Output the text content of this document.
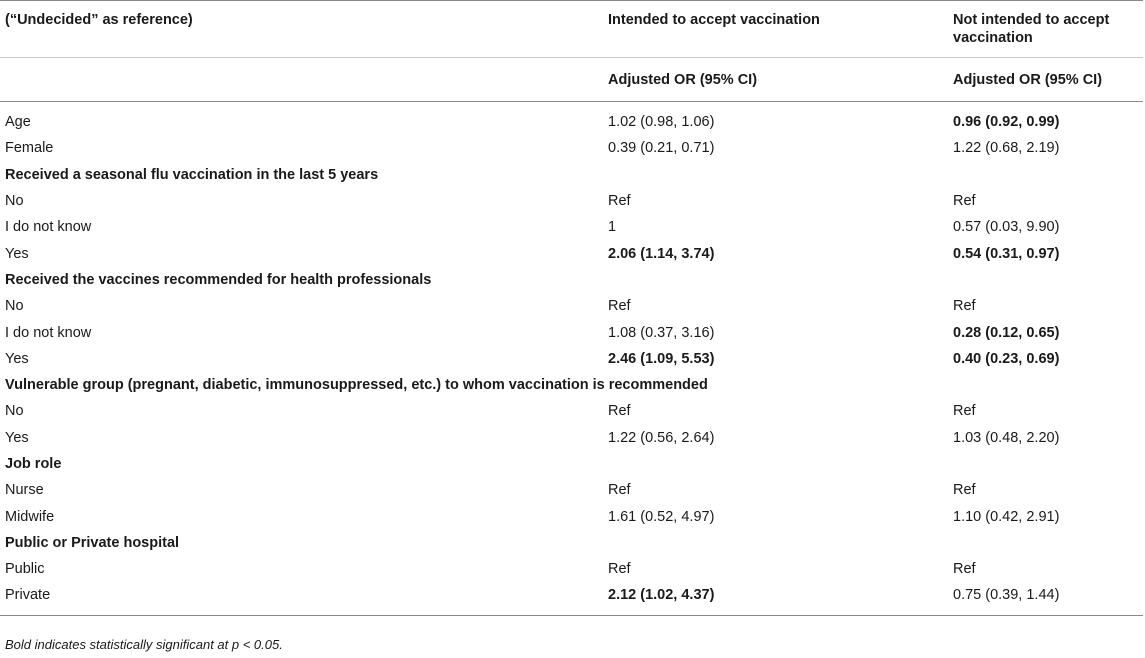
(“Undecided” as reference)	Intended to accept vaccination	Not intended to accept vaccination
	Adjusted OR (95% CI)	Adjusted OR (95% CI)
Age	1.02 (0.98, 1.06)	0.96 (0.92, 0.99)
Female	0.39 (0.21, 0.71)	1.22 (0.68, 2.19)
Received a seasonal flu vaccination in the last 5 years		
No	Ref	Ref
I do not know	1	0.57 (0.03, 9.90)
Yes	2.06 (1.14, 3.74)	0.54 (0.31, 0.97)
Received the vaccines recommended for health professionals		
No	Ref	Ref
I do not know	1.08 (0.37, 3.16)	0.28 (0.12, 0.65)
Yes	2.46 (1.09, 5.53)	0.40 (0.23, 0.69)
Vulnerable group (pregnant, diabetic, immunosuppressed, etc.) to whom vaccination is recommended		
No	Ref	Ref
Yes	1.22 (0.56, 2.64)	1.03 (0.48, 2.20)
Job role		
Nurse	Ref	Ref
Midwife	1.61 (0.52, 4.97)	1.10 (0.42, 2.91)
Public or Private hospital		
Public	Ref	Ref
Private	2.12 (1.02, 4.37)	0.75 (0.39, 1.44)
Bold indicates statistically significant at p < 0.05.
